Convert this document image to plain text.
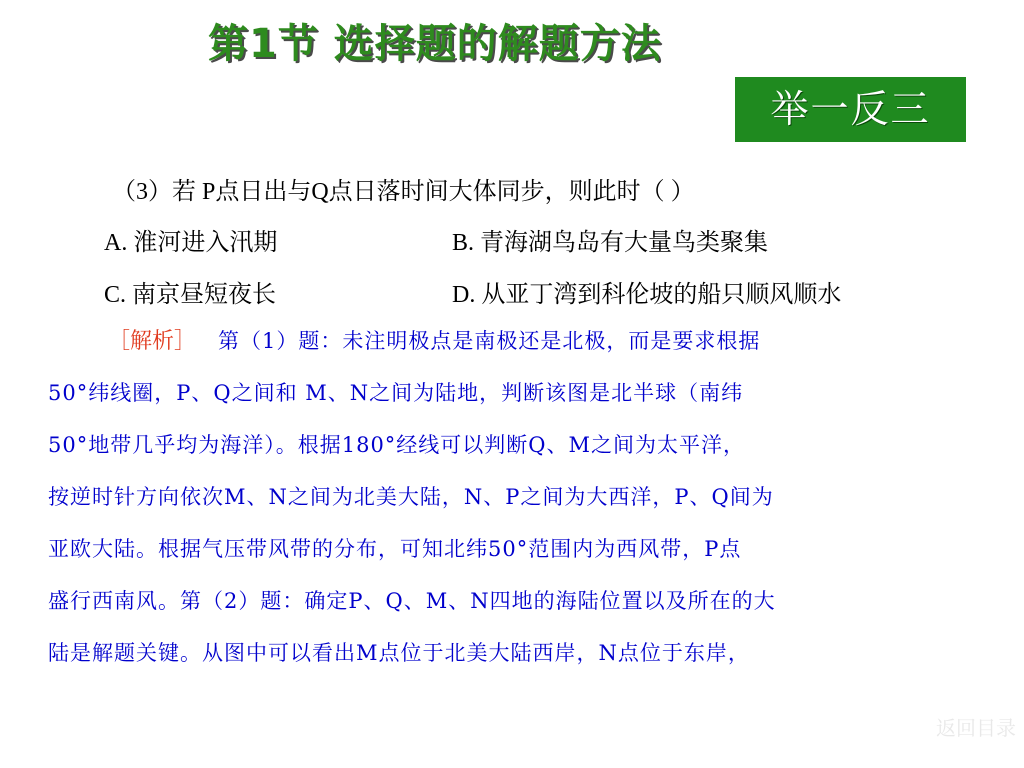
第1节 选择题的解题方法
举一反三
（3）若 P点日出与Q点日落时间大体同步，则此时（ ）
A. 淮河进入汛期	B. 青海湖鸟岛有大量鸟类聚集
C. 南京昼短夜长	D. 从亚丁湾到科伦坡的船只顺风顺水
［解析］ 第（1）题：未注明极点是南极还是北极，而是要求根据
50°纬线圈，P、Q之间和 M、N之间为陆地，判断该图是北半球（南纬
50°地带几乎均为海洋）。根据180°经线可以判断Q、M之间为太平洋，
按逆时针方向依次M、N之间为北美大陆，N、P之间为大西洋，P、Q间为
亚欧大陆。根据气压带风带的分布，可知北纬50°范围内为西风带，P点
盛行西南风。第（2）题：确定P、Q、M、N四地的海陆位置以及所在的大
陆是解题关键。从图中可以看出M点位于北美大陆西岸，N点位于东岸，
返回目录
